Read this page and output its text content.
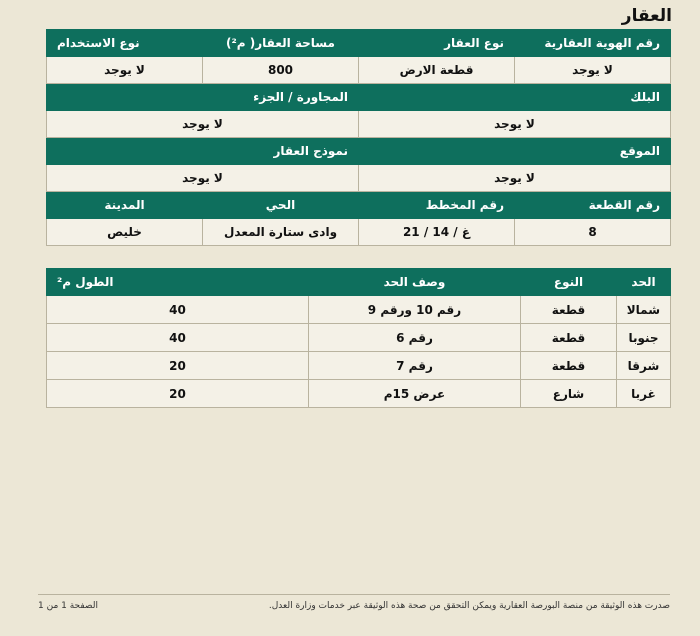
العقار
رقم الهوية العقارية	نوع العقار	مساحة العقار( م²)	نوع الاستخدام
لا يوجد	قطعة الارض	800	لا يوجد
البلك		المجاورة / الجزء	
لا يوجد		لا يوجد	
الموقع		نموذج العقار	
لا يوجد		لا يوجد	
رقم القطعة	رقم المخطط	الحي	المدينة
8	غ / 14 / 21	وادى ستارة المعدل	خليص
الحد	النوع	وصف الحد	الطول م²
شمالا	قطعة	رقم 10 ورقم 9	40
جنوبا	قطعة	رقم 6	40
شرقا	قطعة	رقم 7	20
غربا	شارع	عرض 15م	20
صدرت هذه الوثيقة من منصة البورصة العقارية ويمكن التحقق من صحة هذه الوثيقة عبر خدمات وزارة العدل.
الصفحة 1 من 1
